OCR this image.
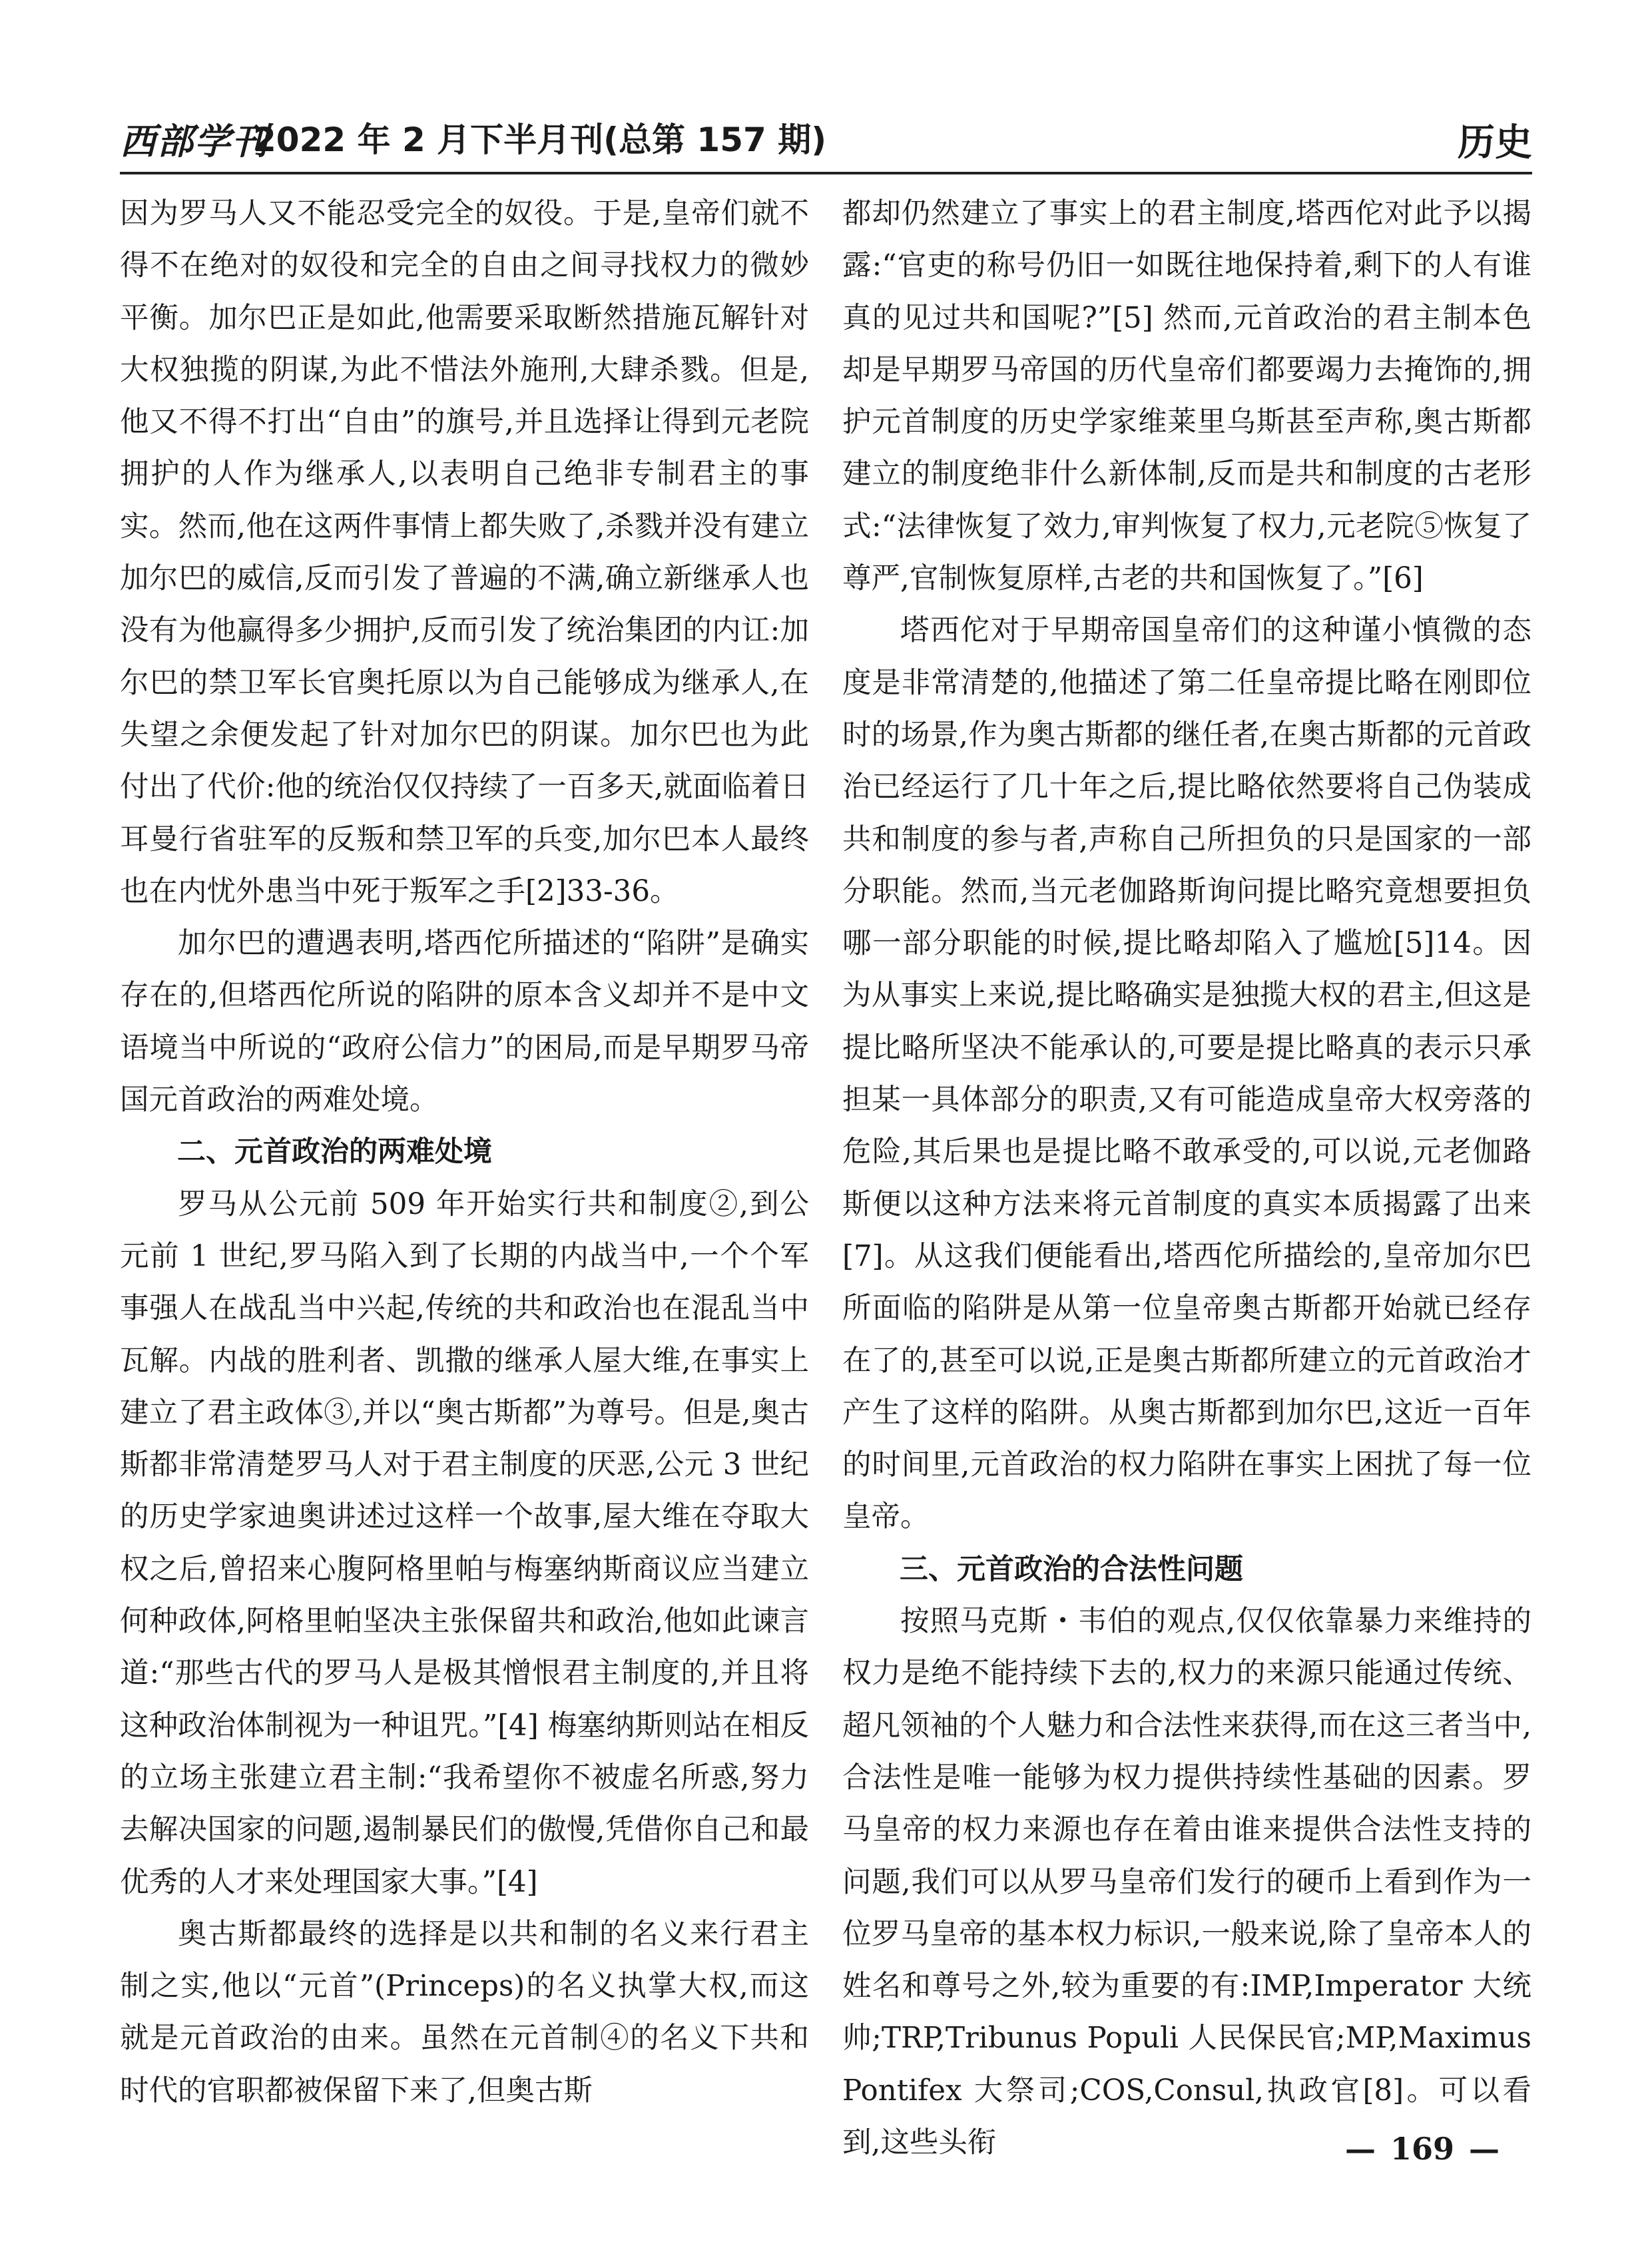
西部学刊
2022 年 2 月下半月刊(总第 157 期)	历史

因为罗马人又不能忍受完全的奴役。于是,皇帝们就不得不在绝对的奴役和完全的自由之间寻找权力的微妙平衡。加尔巴正是如此,他需要采取断然措施瓦解针对大权独揽的阴谋,为此不惜法外施刑,大肆杀戮。但是,他又不得不打出“自由”的旗号,并且选择让得到元老院拥护的人作为继承人,以表明自己绝非专制君主的事实。然而,他在这两件事情上都失败了,杀戮并没有建立加尔巴的威信,反而引发了普遍的不满,确立新继承人也没有为他赢得多少拥护,反而引发了统治集团的内讧:加尔巴的禁卫军长官奥托原以为自己能够成为继承人,在失望之余便发起了针对加尔巴的阴谋。加尔巴也为此付出了代价:他的统治仅仅持续了一百多天,就面临着日耳曼行省驻军的反叛和禁卫军的兵变,加尔巴本人最终也在内忧外患当中死于叛军之手[2]33-36。

加尔巴的遭遇表明,塔西佗所描述的“陷阱”是确实存在的,但塔西佗所说的陷阱的原本含义却并不是中文语境当中所说的“政府公信力”的困局,而是早期罗马帝国元首政治的两难处境。

二、元首政治的两难处境

罗马从公元前 509 年开始实行共和制度②,到公元前 1 世纪,罗马陷入到了长期的内战当中,一个个军事强人在战乱当中兴起,传统的共和政治也在混乱当中瓦解。内战的胜利者、凯撒的继承人屋大维,在事实上建立了君主政体③,并以“奥古斯都”为尊号。但是,奥古斯都非常清楚罗马人对于君主制度的厌恶,公元 3 世纪的历史学家迪奥讲述过这样一个故事,屋大维在夺取大权之后,曾招来心腹阿格里帕与梅塞纳斯商议应当建立何种政体,阿格里帕坚决主张保留共和政治,他如此谏言道:“那些古代的罗马人是极其憎恨君主制度的,并且将这种政治体制视为一种诅咒。”[4] 梅塞纳斯则站在相反的立场主张建立君主制:“我希望你不被虚名所惑,努力去解决国家的问题,遏制暴民们的傲慢,凭借你自己和最优秀的人才来处理国家大事。”[4]

奥古斯都最终的选择是以共和制的名义来行君主制之实,他以“元首”(Princeps)的名义执掌大权,而这就是元首政治的由来。虽然在元首制④的名义下共和时代的官职都被保留下来了,但奥古斯

都却仍然建立了事实上的君主制度,塔西佗对此予以揭露:“官吏的称号仍旧一如既往地保持着,剩下的人有谁真的见过共和国呢?”[5] 然而,元首政治的君主制本色却是早期罗马帝国的历代皇帝们都要竭力去掩饰的,拥护元首制度的历史学家维莱里乌斯甚至声称,奥古斯都建立的制度绝非什么新体制,反而是共和制度的古老形式:“法律恢复了效力,审判恢复了权力,元老院⑤恢复了尊严,官制恢复原样,古老的共和国恢复了。”[6]

塔西佗对于早期帝国皇帝们的这种谨小慎微的态度是非常清楚的,他描述了第二任皇帝提比略在刚即位时的场景,作为奥古斯都的继任者,在奥古斯都的元首政治已经运行了几十年之后,提比略依然要将自己伪装成共和制度的参与者,声称自己所担负的只是国家的一部分职能。然而,当元老伽路斯询问提比略究竟想要担负哪一部分职能的时候,提比略却陷入了尴尬[5]14。因为从事实上来说,提比略确实是独揽大权的君主,但这是提比略所坚决不能承认的,可要是提比略真的表示只承担某一具体部分的职责,又有可能造成皇帝大权旁落的危险,其后果也是提比略不敢承受的,可以说,元老伽路斯便以这种方法来将元首制度的真实本质揭露了出来[7]。从这我们便能看出,塔西佗所描绘的,皇帝加尔巴所面临的陷阱是从第一位皇帝奥古斯都开始就已经存在了的,甚至可以说,正是奥古斯都所建立的元首政治才产生了这样的陷阱。从奥古斯都到加尔巴,这近一百年的时间里,元首政治的权力陷阱在事实上困扰了每一位皇帝。

三、元首政治的合法性问题

按照马克斯・韦伯的观点,仅仅依靠暴力来维持的权力是绝不能持续下去的,权力的来源只能通过传统、超凡领袖的个人魅力和合法性来获得,而在这三者当中,合法性是唯一能够为权力提供持续性基础的因素。罗马皇帝的权力来源也存在着由谁来提供合法性支持的问题,我们可以从罗马皇帝们发行的硬币上看到作为一位罗马皇帝的基本权力标识,一般来说,除了皇帝本人的姓名和尊号之外,较为重要的有:IMP,Imperator 大统帅;TRP,Tribunus Populi 人民保民官;MP,Maximus Pontifex 大祭司;COS,Consul,执政官[8]。可以看到,这些头衔	— 169 —
